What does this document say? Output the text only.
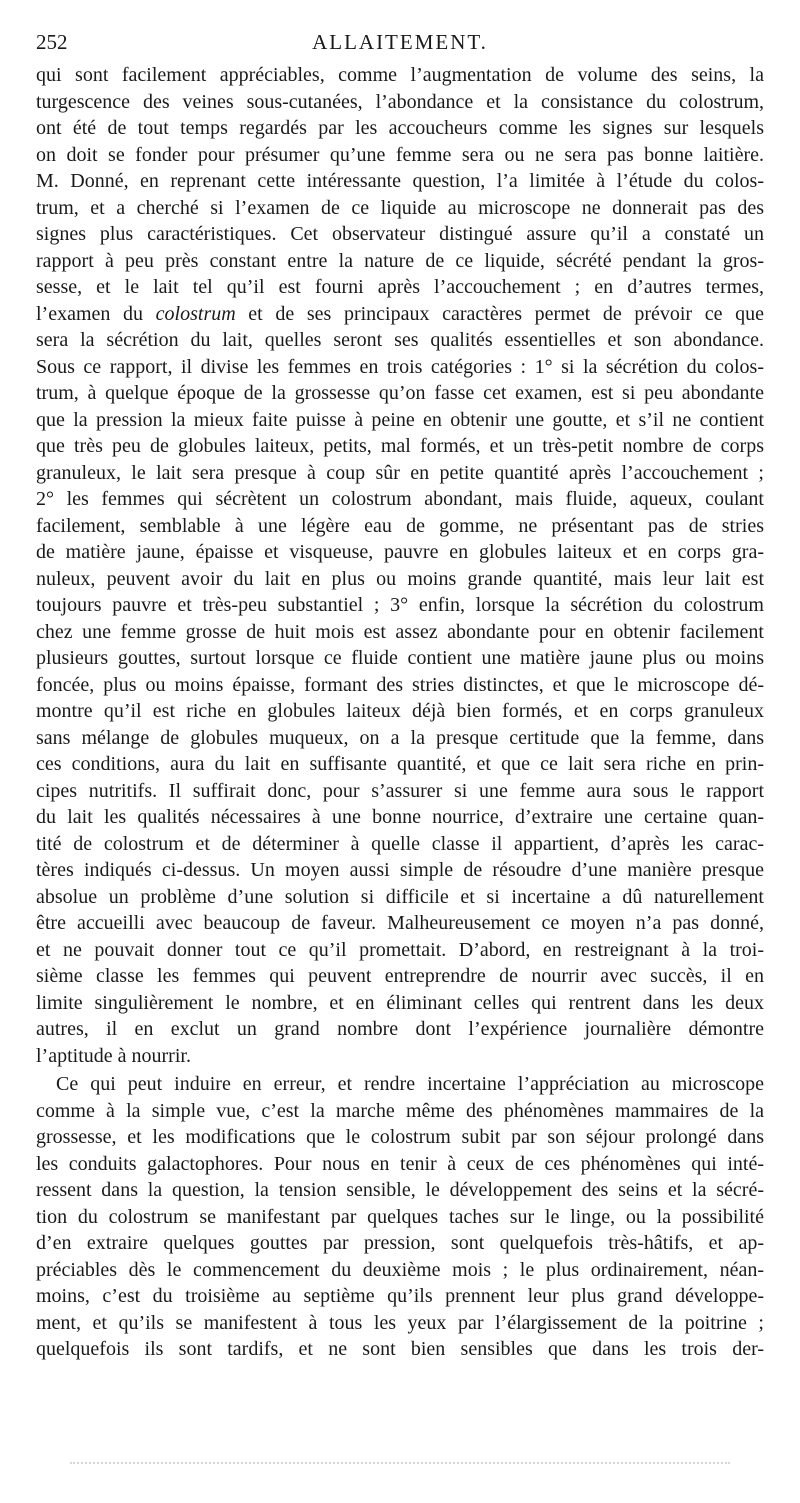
252	ALLAITEMENT.
qui sont facilement appréciables, comme l’augmentation de volume des seins, la
turgescence des veines sous-cutanées, l’abondance et la consistance du colostrum,
ont été de tout temps regardés par les accoucheurs comme les signes sur lesquels
on doit se fonder pour présumer qu’une femme sera ou ne sera pas bonne laitière.
M. Donné, en reprenant cette intéressante question, l’a limitée à l’étude du colos-
trum, et a cherché si l’examen de ce liquide au microscope ne donnerait pas des
signes plus caractéristiques. Cet observateur distingué assure qu’il a constaté un
rapport à peu près constant entre la nature de ce liquide, sécrété pendant la gros-
sesse, et le lait tel qu’il est fourni après l’accouchement ; en d’autres termes,
l’examen du colostrum et de ses principaux caractères permet de prévoir ce que
sera la sécrétion du lait, quelles seront ses qualités essentielles et son abondance.
Sous ce rapport, il divise les femmes en trois catégories : 1° si la sécrétion du colos-
trum, à quelque époque de la grossesse qu’on fasse cet examen, est si peu abondante
que la pression la mieux faite puisse à peine en obtenir une goutte, et s’il ne contient
que très peu de globules laiteux, petits, mal formés, et un très-petit nombre de corps
granuleux, le lait sera presque à coup sûr en petite quantité après l’accouchement ;
2° les femmes qui sécrètent un colostrum abondant, mais fluide, aqueux, coulant
facilement, semblable à une légère eau de gomme, ne présentant pas de stries
de matière jaune, épaisse et visqueuse, pauvre en globules laiteux et en corps gra-
nuleux, peuvent avoir du lait en plus ou moins grande quantité, mais leur lait est
toujours pauvre et très-peu substantiel ; 3° enfin, lorsque la sécrétion du colostrum
chez une femme grosse de huit mois est assez abondante pour en obtenir facilement
plusieurs gouttes, surtout lorsque ce fluide contient une matière jaune plus ou moins
foncée, plus ou moins épaisse, formant des stries distinctes, et que le microscope dé-
montre qu’il est riche en globules laiteux déjà bien formés, et en corps granuleux
sans mélange de globules muqueux, on a la presque certitude que la femme, dans
ces conditions, aura du lait en suffisante quantité, et que ce lait sera riche en prin-
cipes nutritifs. Il suffirait donc, pour s’assurer si une femme aura sous le rapport
du lait les qualités nécessaires à une bonne nourrice, d’extraire une certaine quan-
tité de colostrum et de déterminer à quelle classe il appartient, d’après les carac-
tères indiqués ci-dessus. Un moyen aussi simple de résoudre d’une manière presque
absolue un problème d’une solution si difficile et si incertaine a dû naturellement
être accueilli avec beaucoup de faveur. Malheureusement ce moyen n’a pas donné,
et ne pouvait donner tout ce qu’il promettait. D’abord, en restreignant à la troi-
sième classe les femmes qui peuvent entreprendre de nourrir avec succès, il en
limite singulièrement le nombre, et en éliminant celles qui rentrent dans les deux
autres, il en exclut un grand nombre dont l’expérience journalière démontre
l’aptitude à nourrir.
Ce qui peut induire en erreur, et rendre incertaine l’appréciation au microscope
comme à la simple vue, c’est la marche même des phénomènes mammaires de la
grossesse, et les modifications que le colostrum subit par son séjour prolongé dans
les conduits galactophores. Pour nous en tenir à ceux de ces phénomènes qui inté-
ressent dans la question, la tension sensible, le développement des seins et la sécré-
tion du colostrum se manifestant par quelques taches sur le linge, ou la possibilité
d’en extraire quelques gouttes par pression, sont quelquefois très-hâtifs, et ap-
préciables dès le commencement du deuxième mois ; le plus ordinairement, néan-
moins, c’est du troisième au septième qu’ils prennent leur plus grand développe-
ment, et qu’ils se manifestent à tous les yeux par l’élargissement de la poitrine ;
quelquefois ils sont tardifs, et ne sont bien sensibles que dans les trois der-
